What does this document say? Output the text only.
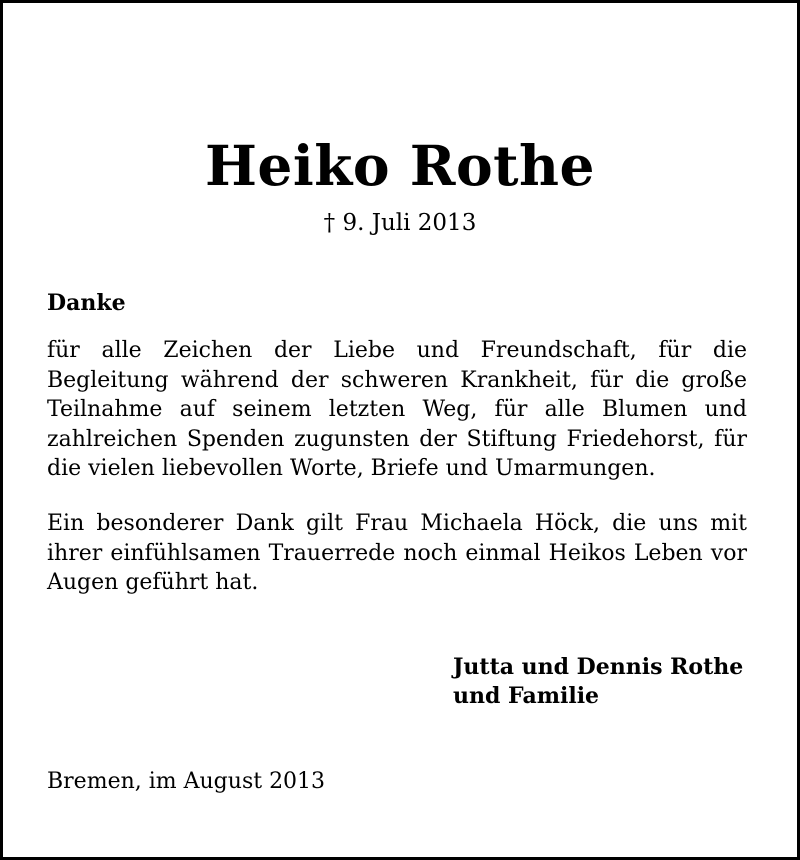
Heiko Rothe
† 9. Juli 2013
Danke
für alle Zeichen der Liebe und Freundschaft, für die Begleitung während der schweren Krankheit, für die große Teilnahme auf seinem letzten Weg, für alle Blumen und zahlreichen Spenden zugunsten der Stiftung Friedehorst, für die vielen liebevollen Worte, Briefe und Umarmungen.
Ein besonderer Dank gilt Frau Michaela Höck, die uns mit ihrer einfühlsamen Trauerrede noch einmal Heikos Leben vor Augen geführt hat.
Jutta und Dennis Rothe
und Familie
Bremen, im August 2013
